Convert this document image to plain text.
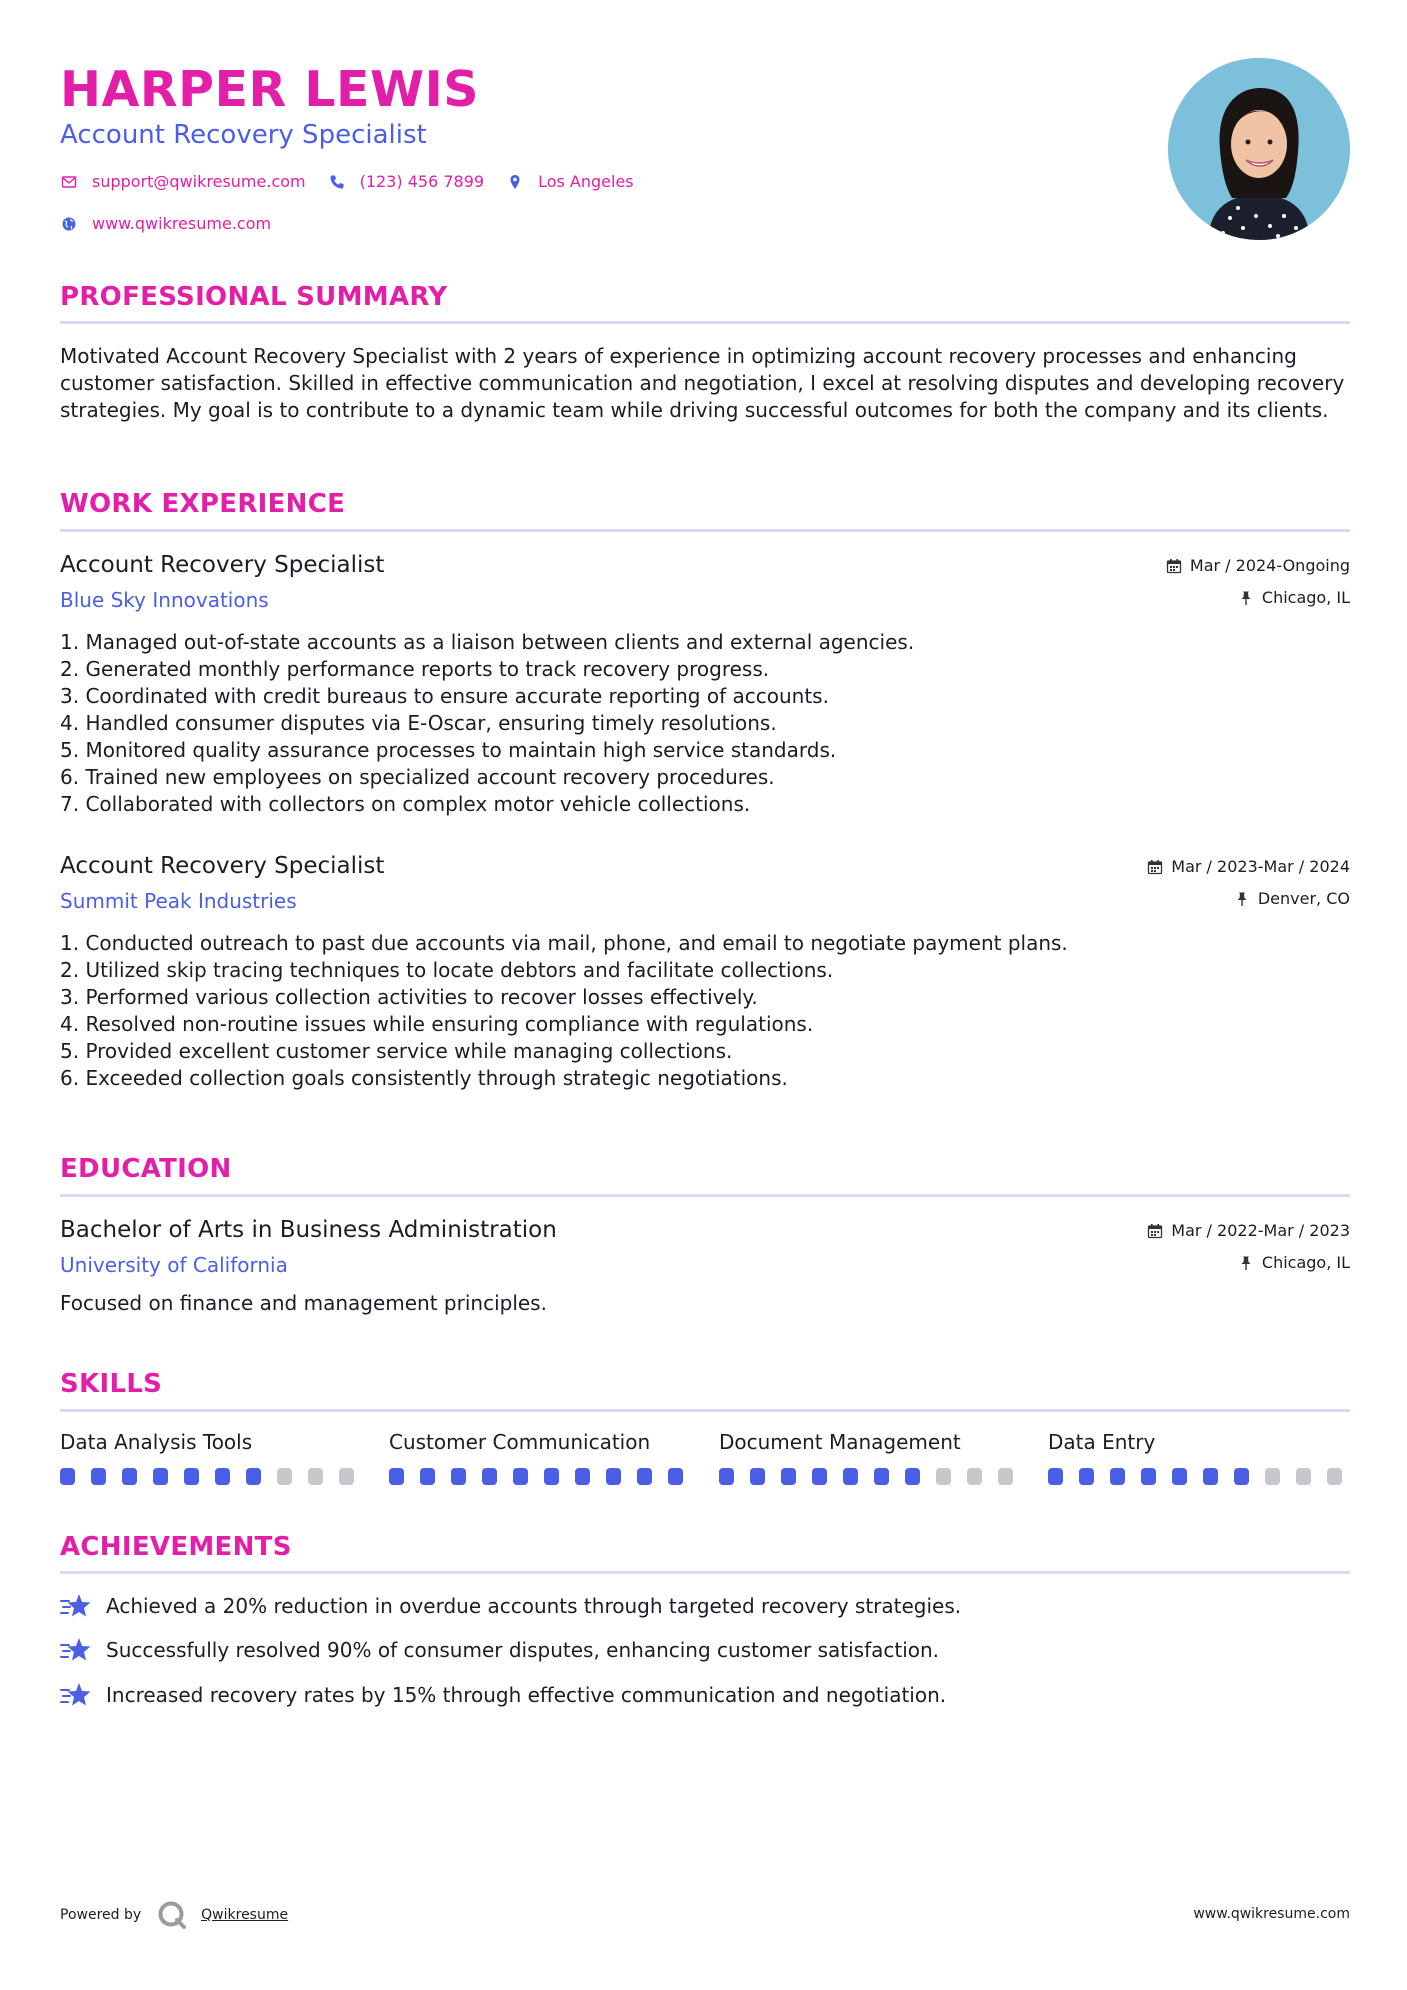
HARPER LEWIS
Account Recovery Specialist
support@qwikresume.com	(123) 456 7899	Los Angeles
www.qwikresume.com
PROFESSIONAL SUMMARY
Motivated Account Recovery Specialist with 2 years of experience in optimizing account recovery processes and enhancing customer satisfaction. Skilled in effective communication and negotiation, I excel at resolving disputes and developing recovery strategies. My goal is to contribute to a dynamic team while driving successful outcomes for both the company and its clients.
WORK EXPERIENCE
Account Recovery Specialist
Blue Sky Innovations
Mar / 2024-Ongoing
Chicago, IL
1. Managed out-of-state accounts as a liaison between clients and external agencies.
2. Generated monthly performance reports to track recovery progress.
3. Coordinated with credit bureaus to ensure accurate reporting of accounts.
4. Handled consumer disputes via E-Oscar, ensuring timely resolutions.
5. Monitored quality assurance processes to maintain high service standards.
6. Trained new employees on specialized account recovery procedures.
7. Collaborated with collectors on complex motor vehicle collections.
Account Recovery Specialist
Summit Peak Industries
Mar / 2023-Mar / 2024
Denver, CO
1. Conducted outreach to past due accounts via mail, phone, and email to negotiate payment plans.
2. Utilized skip tracing techniques to locate debtors and facilitate collections.
3. Performed various collection activities to recover losses effectively.
4. Resolved non-routine issues while ensuring compliance with regulations.
5. Provided excellent customer service while managing collections.
6. Exceeded collection goals consistently through strategic negotiations.
EDUCATION
Bachelor of Arts in Business Administration
University of California
Mar / 2022-Mar / 2023
Chicago, IL
Focused on finance and management principles.
SKILLS
Data Analysis Tools	Customer Communication	Document Management	Data Entry
ACHIEVEMENTS
Achieved a 20% reduction in overdue accounts through targeted recovery strategies.
Successfully resolved 90% of consumer disputes, enhancing customer satisfaction.
Increased recovery rates by 15% through effective communication and negotiation.
Powered by	Qwikresume	www.qwikresume.com
